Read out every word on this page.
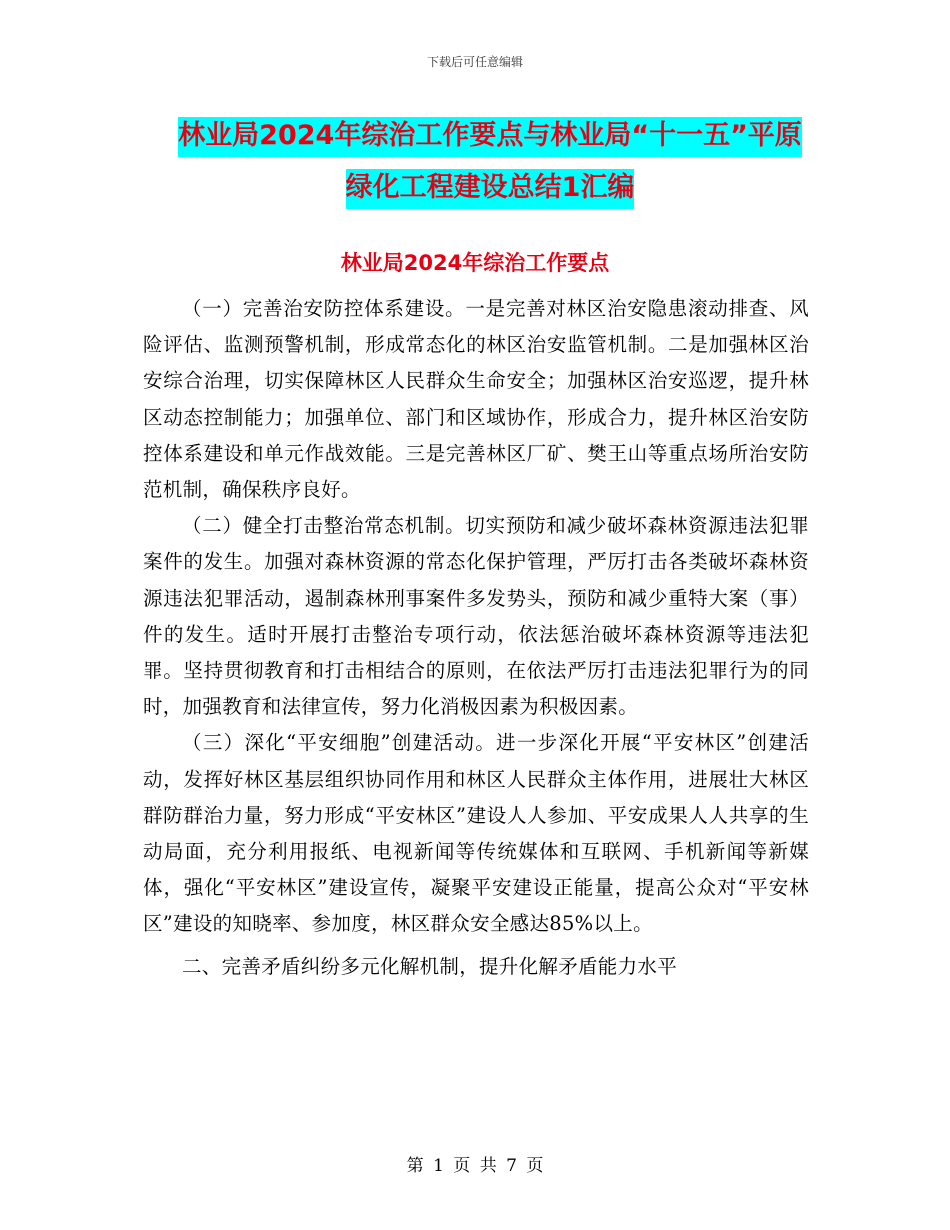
下载后可任意编辑
林业局2024年综治工作要点与林业局“十一五”平原
绿化工程建设总结1汇编
林业局2024年综治工作要点

（一）完善治安防控体系建设。一是完善对林区治安隐患滚动排查、风险评估、监测预警机制，形成常态化的林区治安监管机制。二是加强林区治安综合治理，切实保障林区人民群众生命安全；加强林区治安巡逻，提升林区动态控制能力；加强单位、部门和区域协作，形成合力，提升林区治安防控体系建设和单元作战效能。三是完善林区厂矿、樊王山等重点场所治安防范机制，确保秩序良好。

（二）健全打击整治常态机制。切实预防和减少破坏森林资源违法犯罪案件的发生。加强对森林资源的常态化保护管理，严厉打击各类破坏森林资源违法犯罪活动，遏制森林刑事案件多发势头，预防和减少重特大案（事）件的发生。适时开展打击整治专项行动，依法惩治破坏森林资源等违法犯罪。坚持贯彻教育和打击相结合的原则，在依法严厉打击违法犯罪行为的同时，加强教育和法律宣传，努力化消极因素为积极因素。

（三）深化“平安细胞”创建活动。进一步深化开展“平安林区”创建活动，发挥好林区基层组织协同作用和林区人民群众主体作用，进展壮大林区群防群治力量，努力形成“平安林区”建设人人参加、平安成果人人共享的生动局面，充分利用报纸、电视新闻等传统媒体和互联网、手机新闻等新媒体，强化“平安林区”建设宣传，凝聚平安建设正能量，提高公众对“平安林区”建设的知晓率、参加度，林区群众安全感达85%以上。

二、完善矛盾纠纷多元化解机制，提升化解矛盾能力水平

第 1 页 共 7 页
